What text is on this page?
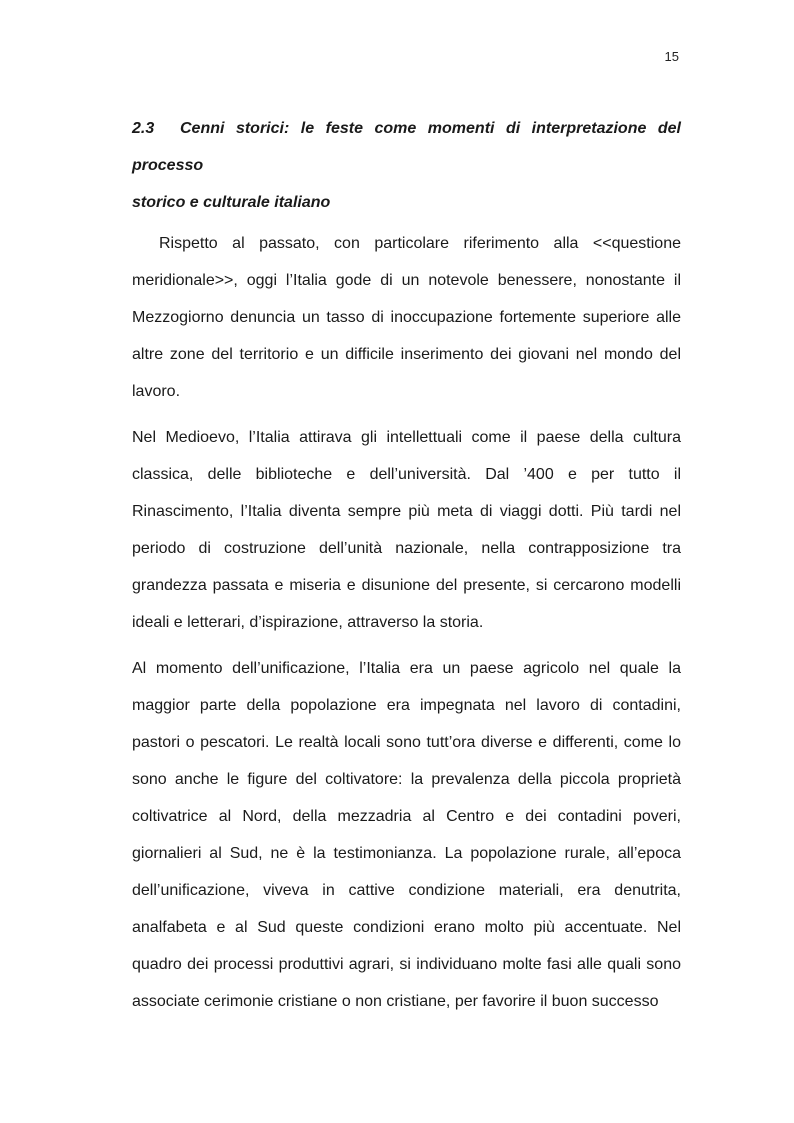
15
2.3 Cenni storici: le feste come momenti di interpretazione del processo
storico e culturale italiano

Rispetto al passato, con particolare riferimento alla <<questione meridionale>>, oggi l’Italia gode di un notevole benessere, nonostante il Mezzogiorno denuncia un tasso di inoccupazione fortemente superiore alle altre zone del territorio e un difficile inserimento dei giovani nel mondo del lavoro.

Nel Medioevo, l’Italia attirava gli intellettuali come il paese della cultura classica, delle biblioteche e dell’università. Dal ’400 e per tutto il Rinascimento, l’Italia diventa sempre più meta di viaggi dotti. Più tardi nel periodo di costruzione dell’unità nazionale, nella contrapposizione tra grandezza passata e miseria e disunione del presente, si cercarono modelli ideali e letterari, d’ispirazione, attraverso la storia.

Al momento dell’unificazione, l’Italia era un paese agricolo nel quale la maggior parte della popolazione era impegnata nel lavoro di contadini, pastori o pescatori. Le realtà locali sono tutt’ora diverse e differenti, come lo sono anche le figure del coltivatore: la prevalenza della piccola proprietà coltivatrice al Nord, della mezzadria al Centro e dei contadini poveri, giornalieri al Sud, ne è la testimonianza. La popolazione rurale, all’epoca dell’unificazione, viveva in cattive condizione materiali, era denutrita, analfabeta e al Sud queste condizioni erano molto più accentuate. Nel quadro dei processi produttivi agrari, si individuano molte fasi alle quali sono associate cerimonie cristiane o non cristiane, per favorire il buon successo
